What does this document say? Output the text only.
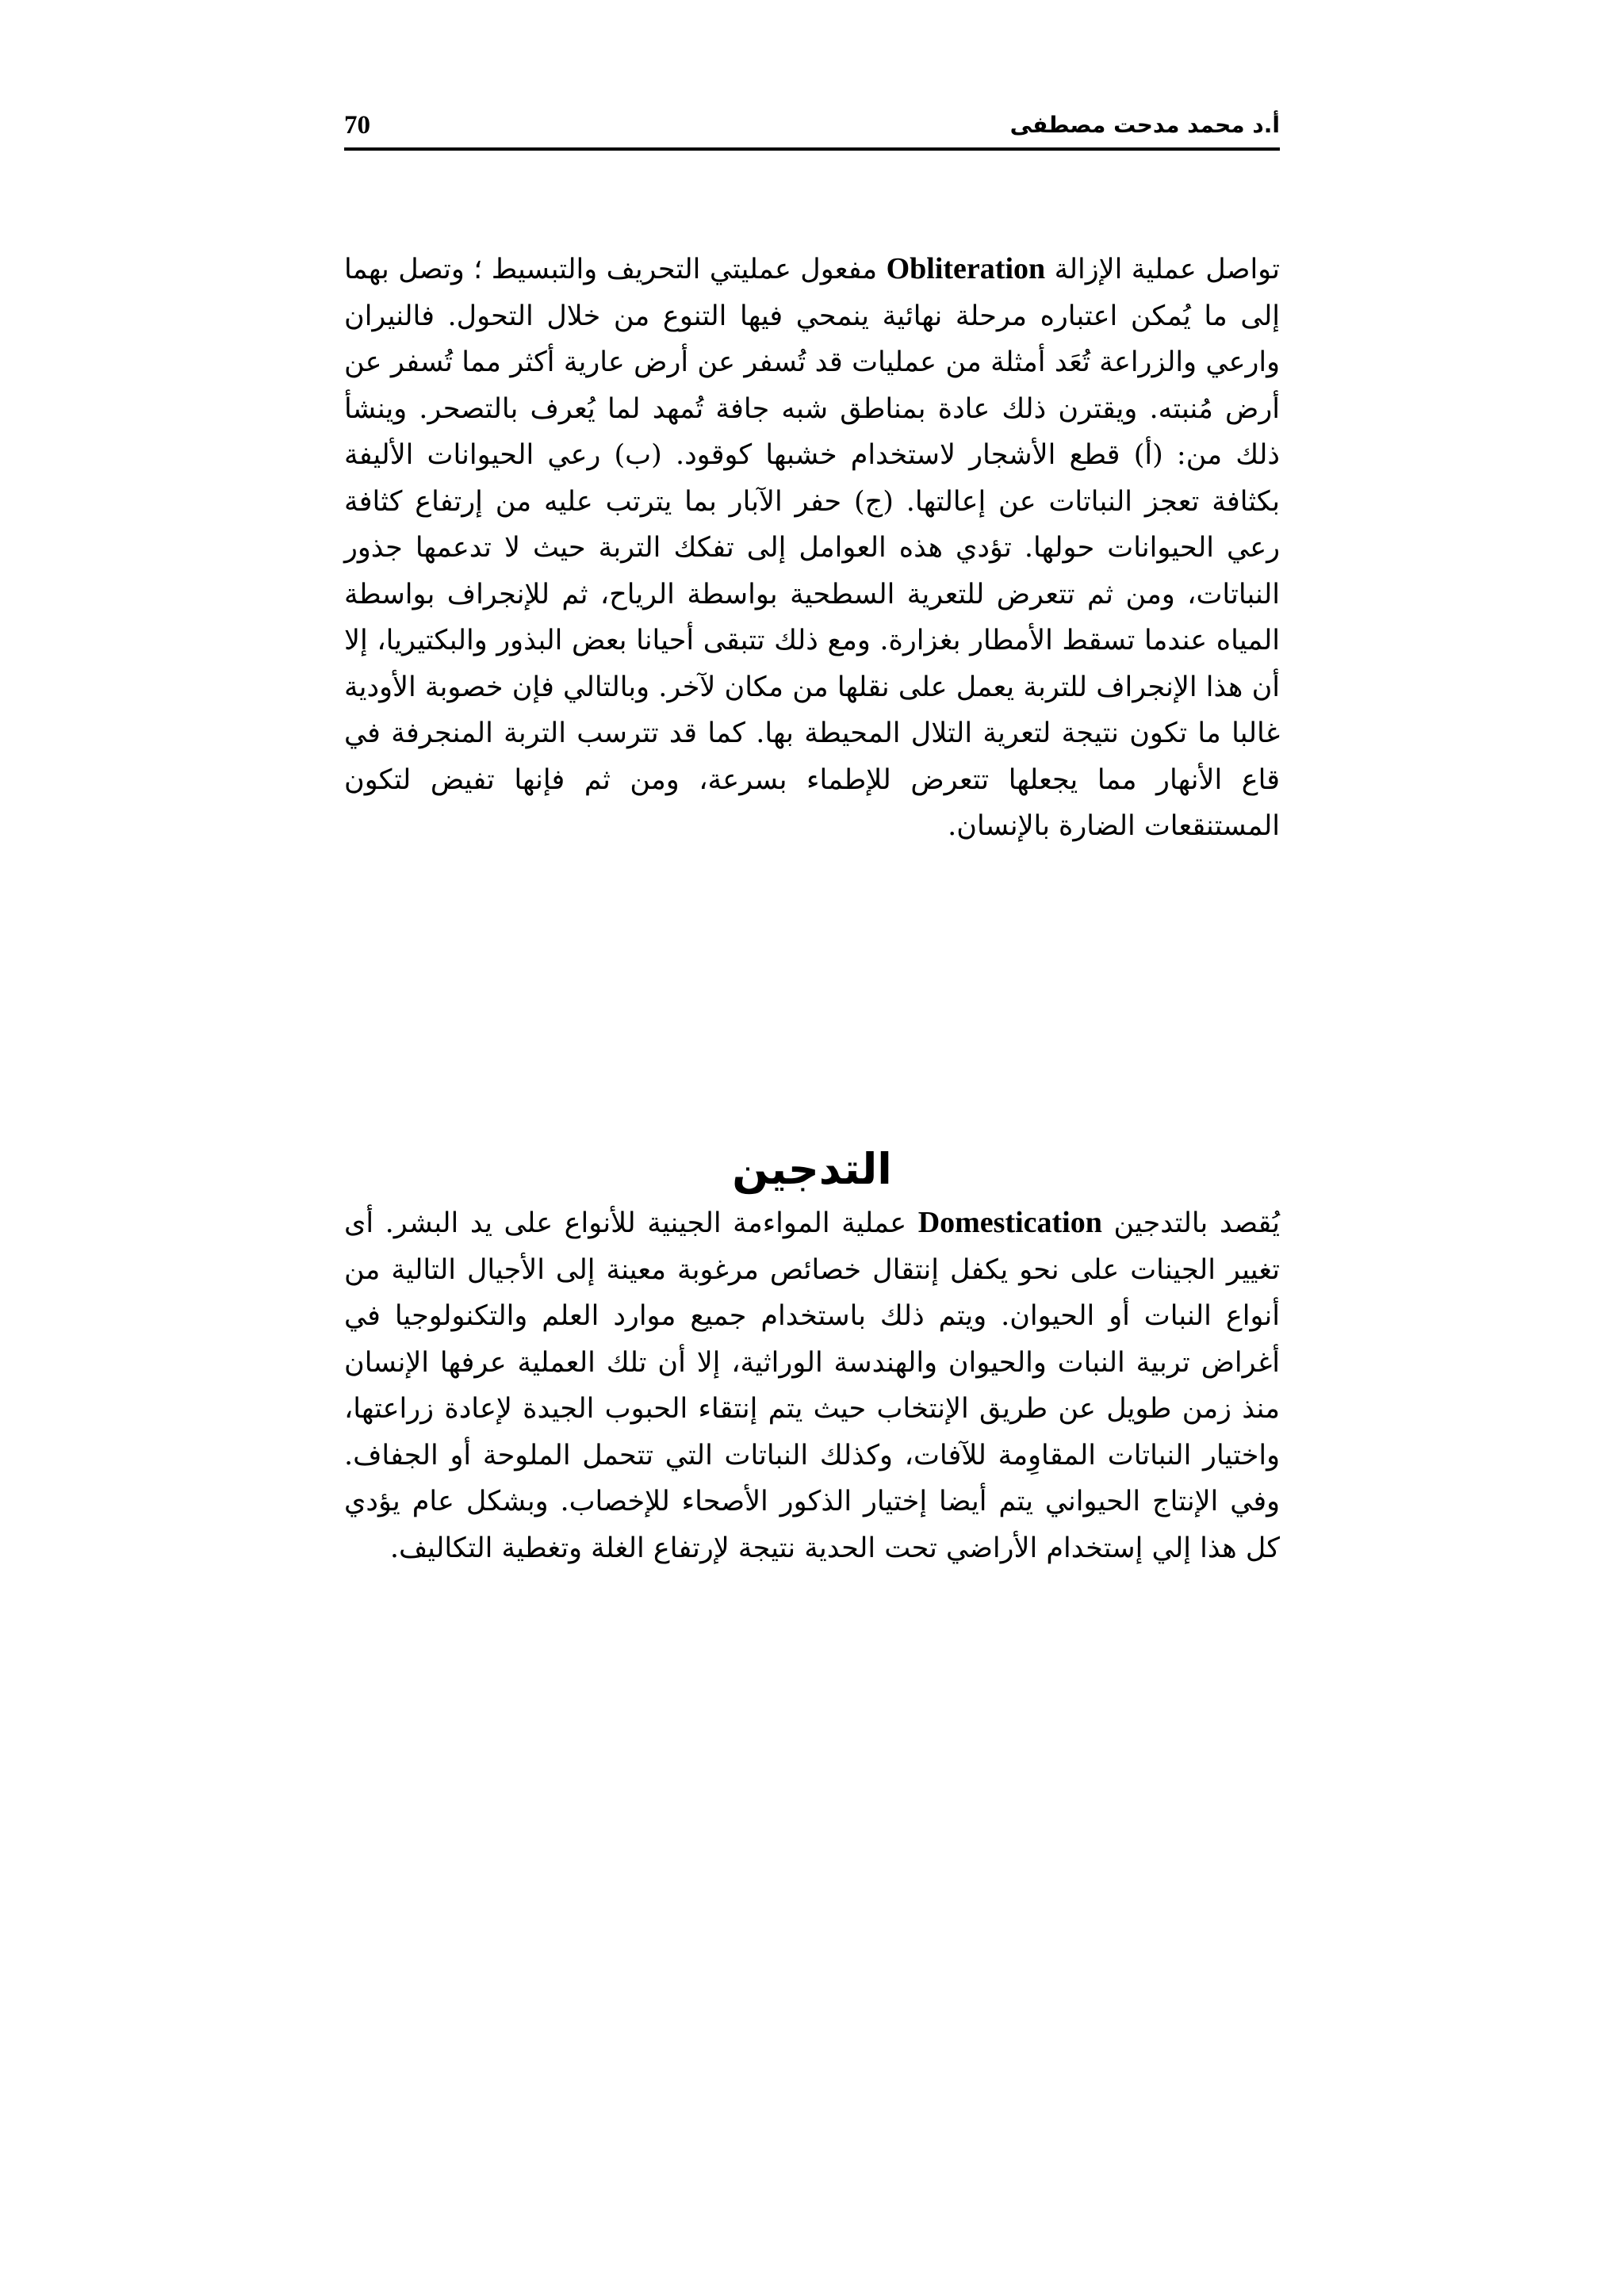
70	أ.د محمد مدحت مصطفى

تواصل عملية الإزالة Obliteration مفعول عمليتي التحريف والتبسيط ؛ وتصل بهما إلى ما يُمكن اعتباره مرحلة نهائية ينمحي فيها التنوع من خلال التحول. فالنيران وارعي والزراعة تُعَد أمثلة من عمليات قد تُسفر عن أرض عارية أكثر مما تُسفر عن أرض مُنبته. ويقترن ذلك عادة بمناطق شبه جافة تُمهد لما يُعرف بالتصحر. وينشأ ذلك من: (أ) قطع الأشجار لاستخدام خشبها كوقود. (ب) رعي الحيوانات الأليفة بكثافة تعجز النباتات عن إعالتها. (ج) حفر الآبار بما يترتب عليه من إرتفاع كثافة رعي الحيوانات حولها. تؤدي هذه العوامل إلى تفكك التربة حيث لا تدعمها جذور النباتات، ومن ثم تتعرض للتعرية السطحية بواسطة الرياح، ثم للإنجراف بواسطة المياه عندما تسقط الأمطار بغزارة. ومع ذلك تتبقى أحيانا بعض البذور والبكتيريا، إلا أن هذا الإنجراف للتربة يعمل على نقلها من مكان لآخر. وبالتالي فإن خصوبة الأودية غالبا ما تكون نتيجة لتعرية التلال المحيطة بها. كما قد تترسب التربة المنجرفة في قاع الأنهار مما يجعلها تتعرض للإطماء بسرعة، ومن ثم فإنها تفيض لتكون المستنقعات الضارة بالإنسان.

التدجين

يُقصد بالتدجين Domestication عملية المواءمة الجينية للأنواع على يد البشر. أى تغيير الجينات على نحو يكفل إنتقال خصائص مرغوبة معينة إلى الأجيال التالية من أنواع النبات أو الحيوان. ويتم ذلك باستخدام جميع موارد العلم والتكنولوجيا في أغراض تربية النبات والحيوان والهندسة الوراثية، إلا أن تلك العملية عرفها الإنسان منذ زمن طويل عن طريق الإنتخاب حيث يتم إنتقاء الحبوب الجيدة لإعادة زراعتها، واختيار النباتات المقاوِمة للآفات، وكذلك النباتات التي تتحمل الملوحة أو الجفاف. وفي الإنتاج الحيواني يتم أيضا إختيار الذكور الأصحاء للإخصاب. وبشكل عام يؤدي كل هذا إلي إستخدام الأراضي تحت الحدية نتيجة لإرتفاع الغلة وتغطية التكاليف.
